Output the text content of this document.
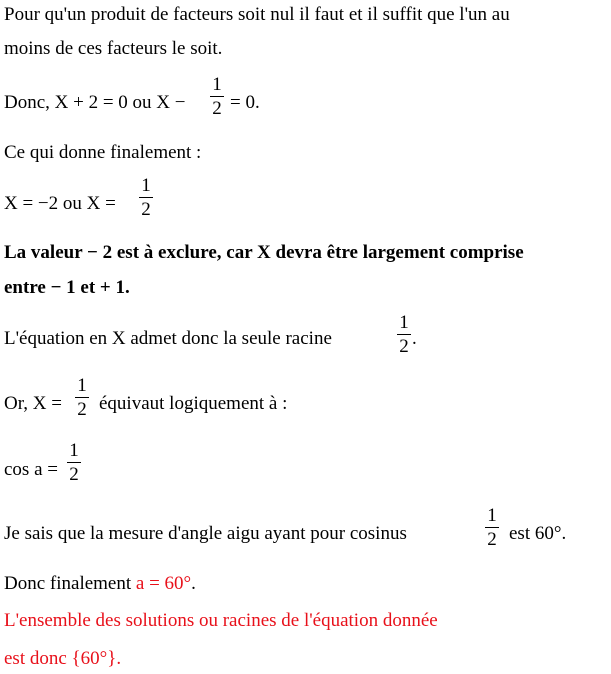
Pour qu'un produit de facteurs soit nul il faut et il suffit que l'un au
moins de ces facteurs le soit.
Donc, X + 2 = 0 ou X −
1
2 = 0.
Ce qui donne finalement :
X = −2 ou X =
1
2
La valeur − 2 est à exclure, car X devra être largement comprise
entre − 1 et + 1.
L'équation en X admet donc la seule racine
1
2 .
Or, X =
1
2 équivaut logiquement à :
cos a =
1
2
Je sais que la mesure d'angle aigu ayant pour cosinus
1
2 est 60°.
Donc finalement a = 60°.
L'ensemble des solutions ou racines de l'équation donnée
est donc {60°}.
